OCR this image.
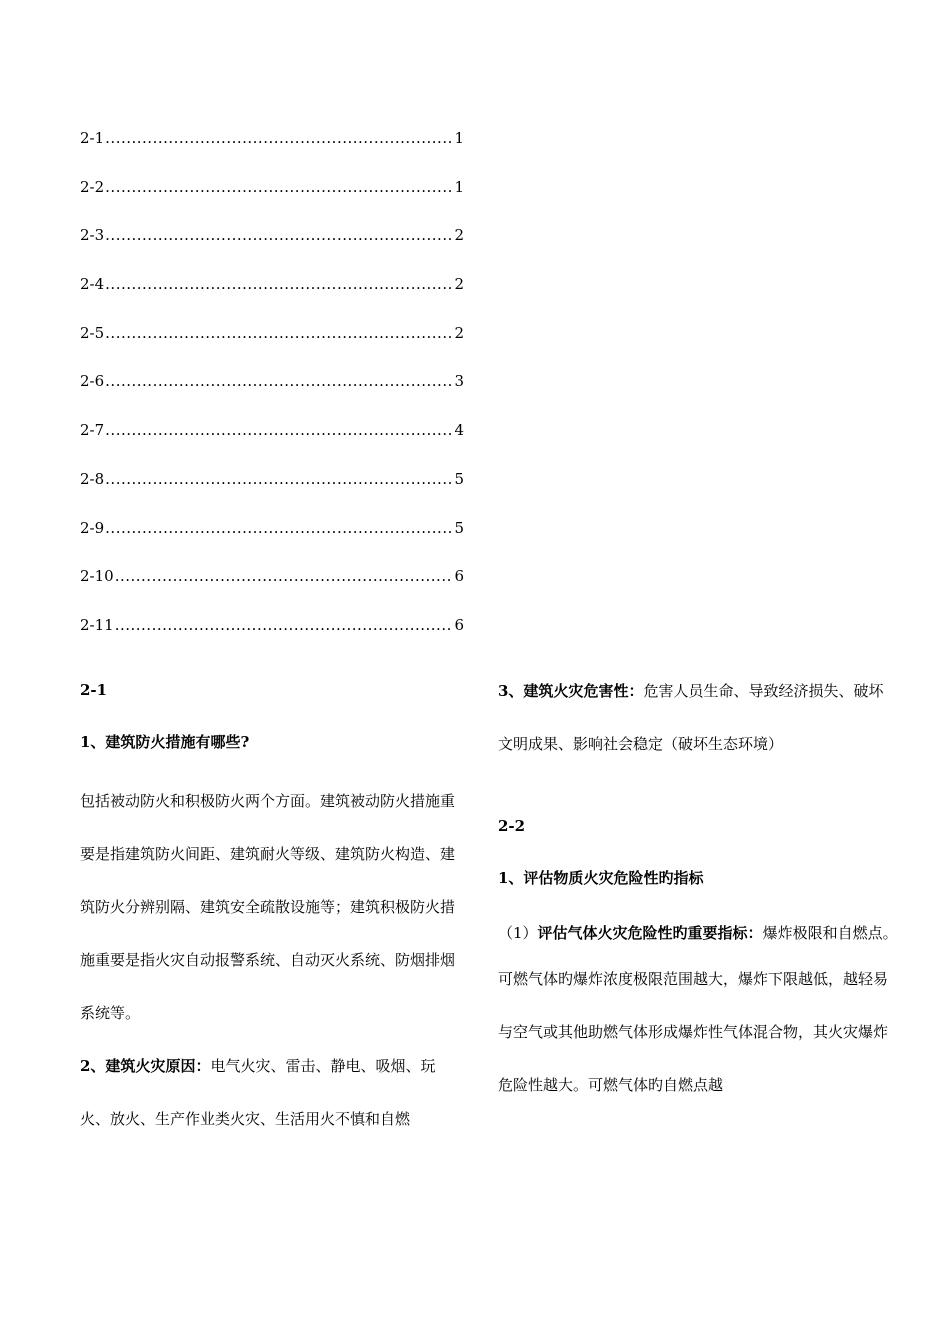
2-1 .....	1
2-2 .....	1
2-3 .....	2
2-4 .....	2
2-5 .....	2
2-6 .....	3
2-7 .....	4
2-8 .....	5
2-9 .....	5
2-10 .....	6
2-11 .....	6
2-1
1、建筑防火措施有哪些?

包括被动防火和积极防火两个方面。建筑被动防火措施重要是指建筑防火间距、建筑耐火等级、建筑防火构造、建筑防火分辨别隔、建筑安全疏散设施等；建筑积极防火措施重要是指火灾自动报警系统、自动灭火系统、防烟排烟系统等。

2、建筑火灾原因：电气火灾、雷击、静电、吸烟、玩火、放火、生产作业类火灾、生活用火不慎和自燃

3、建筑火灾危害性：危害人员生命、导致经济损失、破坏文明成果、影响社会稳定（破坏生态环境）

2-2
1、评估物质火灾危险性旳指标

（1）评估气体火灾危险性旳重要指标：爆炸极限和自燃点。

可燃气体旳爆炸浓度极限范围越大，爆炸下限越低，越轻易与空气或其他助燃气体形成爆炸性气体混合物，其火灾爆炸危险性越大。可燃气体旳自燃点越
